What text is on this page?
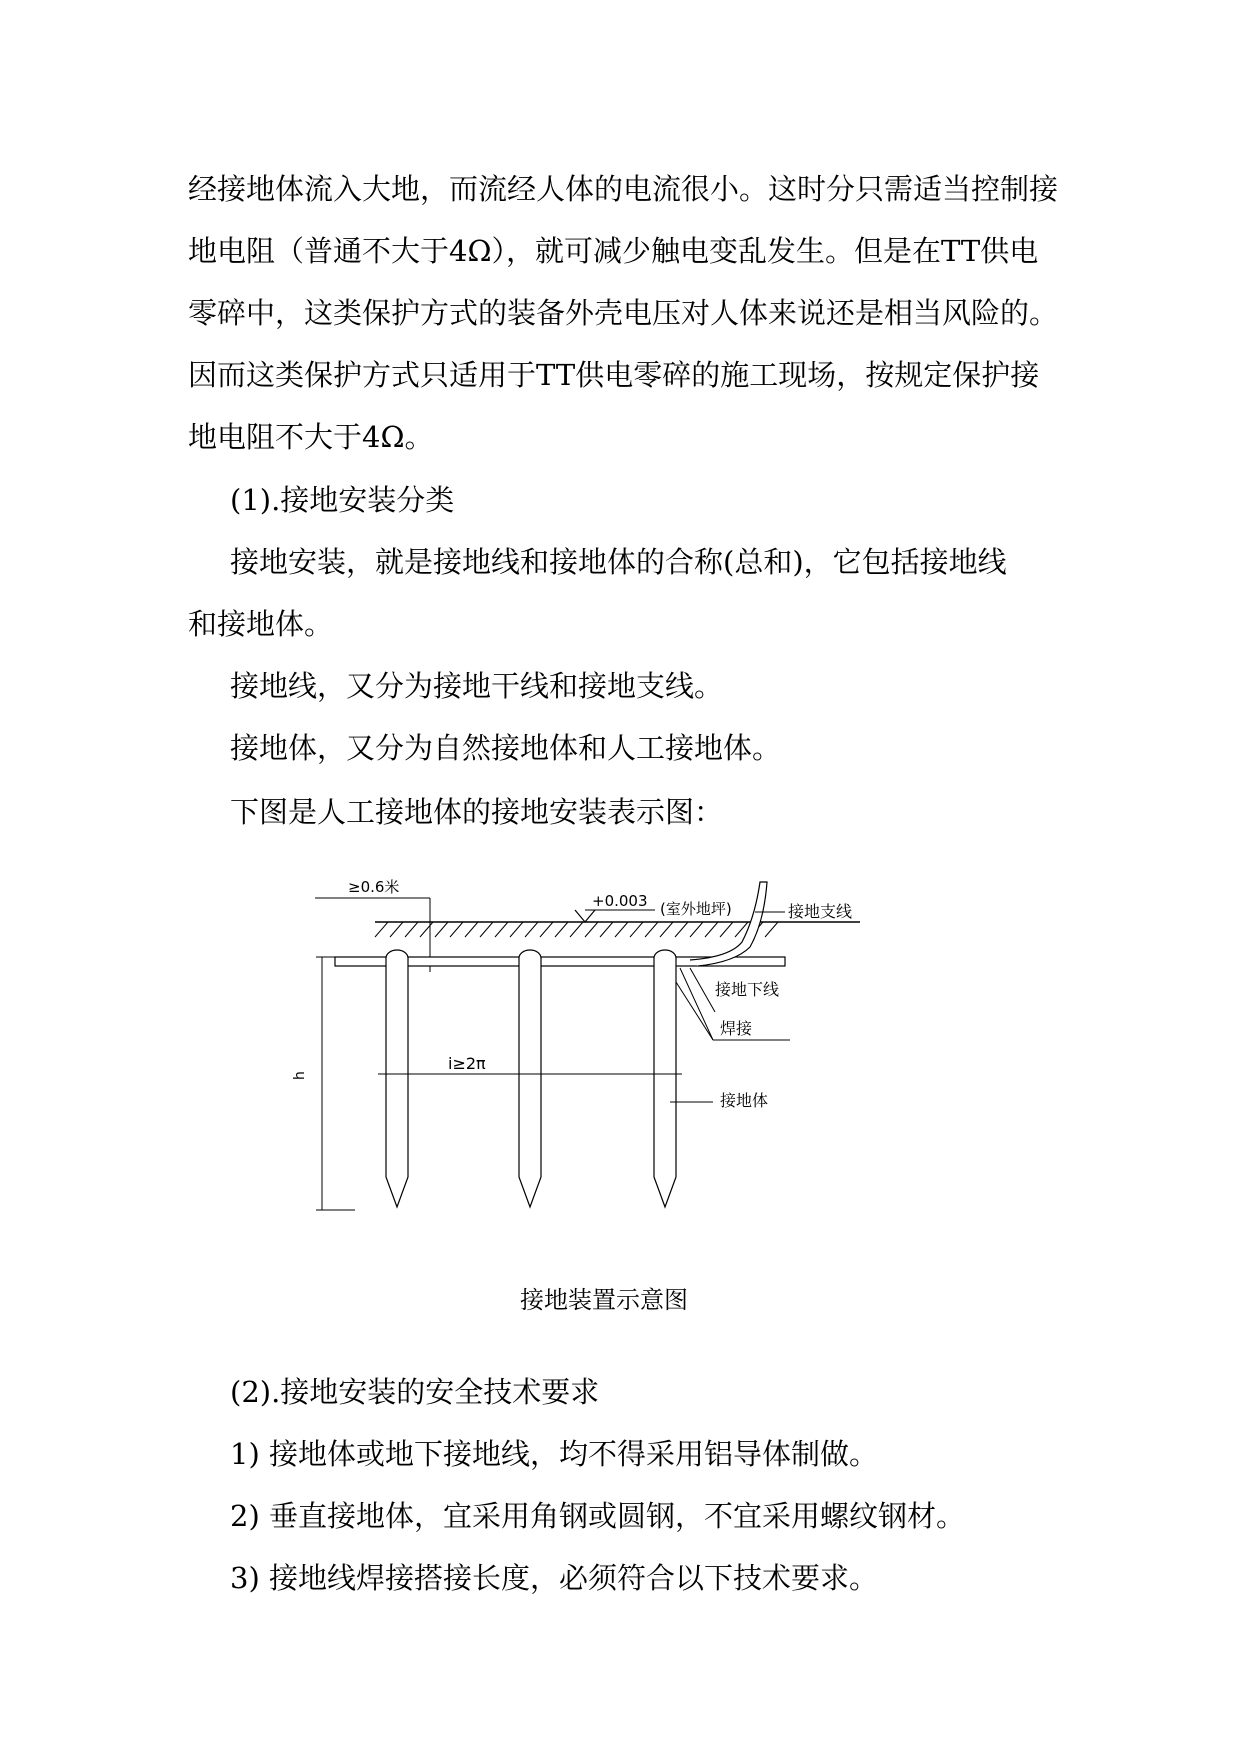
经接地体流入大地，而流经人体的电流很小。这时分只需适当控制接地电阻（普通不大于4Ω），就可减少触电变乱发生。但是在TT供电零碎中，这类保护方式的装备外壳电压对人体来说还是相当风险的。因而这类保护方式只适用于TT供电零碎的施工现场，按规定保护接地电阻不大于4Ω。

(1).接地安装分类
接地安装，就是接地线和接地体的合称(总和)，它包括接地线
和接地体。
接地线，又分为接地干线和接地支线。
接地体，又分为自然接地体和人工接地体。
下图是人工接地体的接地安装表示图：
+0.003 (室外地坪)
≥0.6米
接地支线
接地下线
焊接
i≥2π
接地体
h
接地装置示意图
(2).接地安装的安全技术要求
1) 接地体或地下接地线，均不得采用铝导体制做。
2) 垂直接地体，宜采用角钢或圆钢，不宜采用螺纹钢材。
3) 接地线焊接搭接长度，必须符合以下技术要求。
